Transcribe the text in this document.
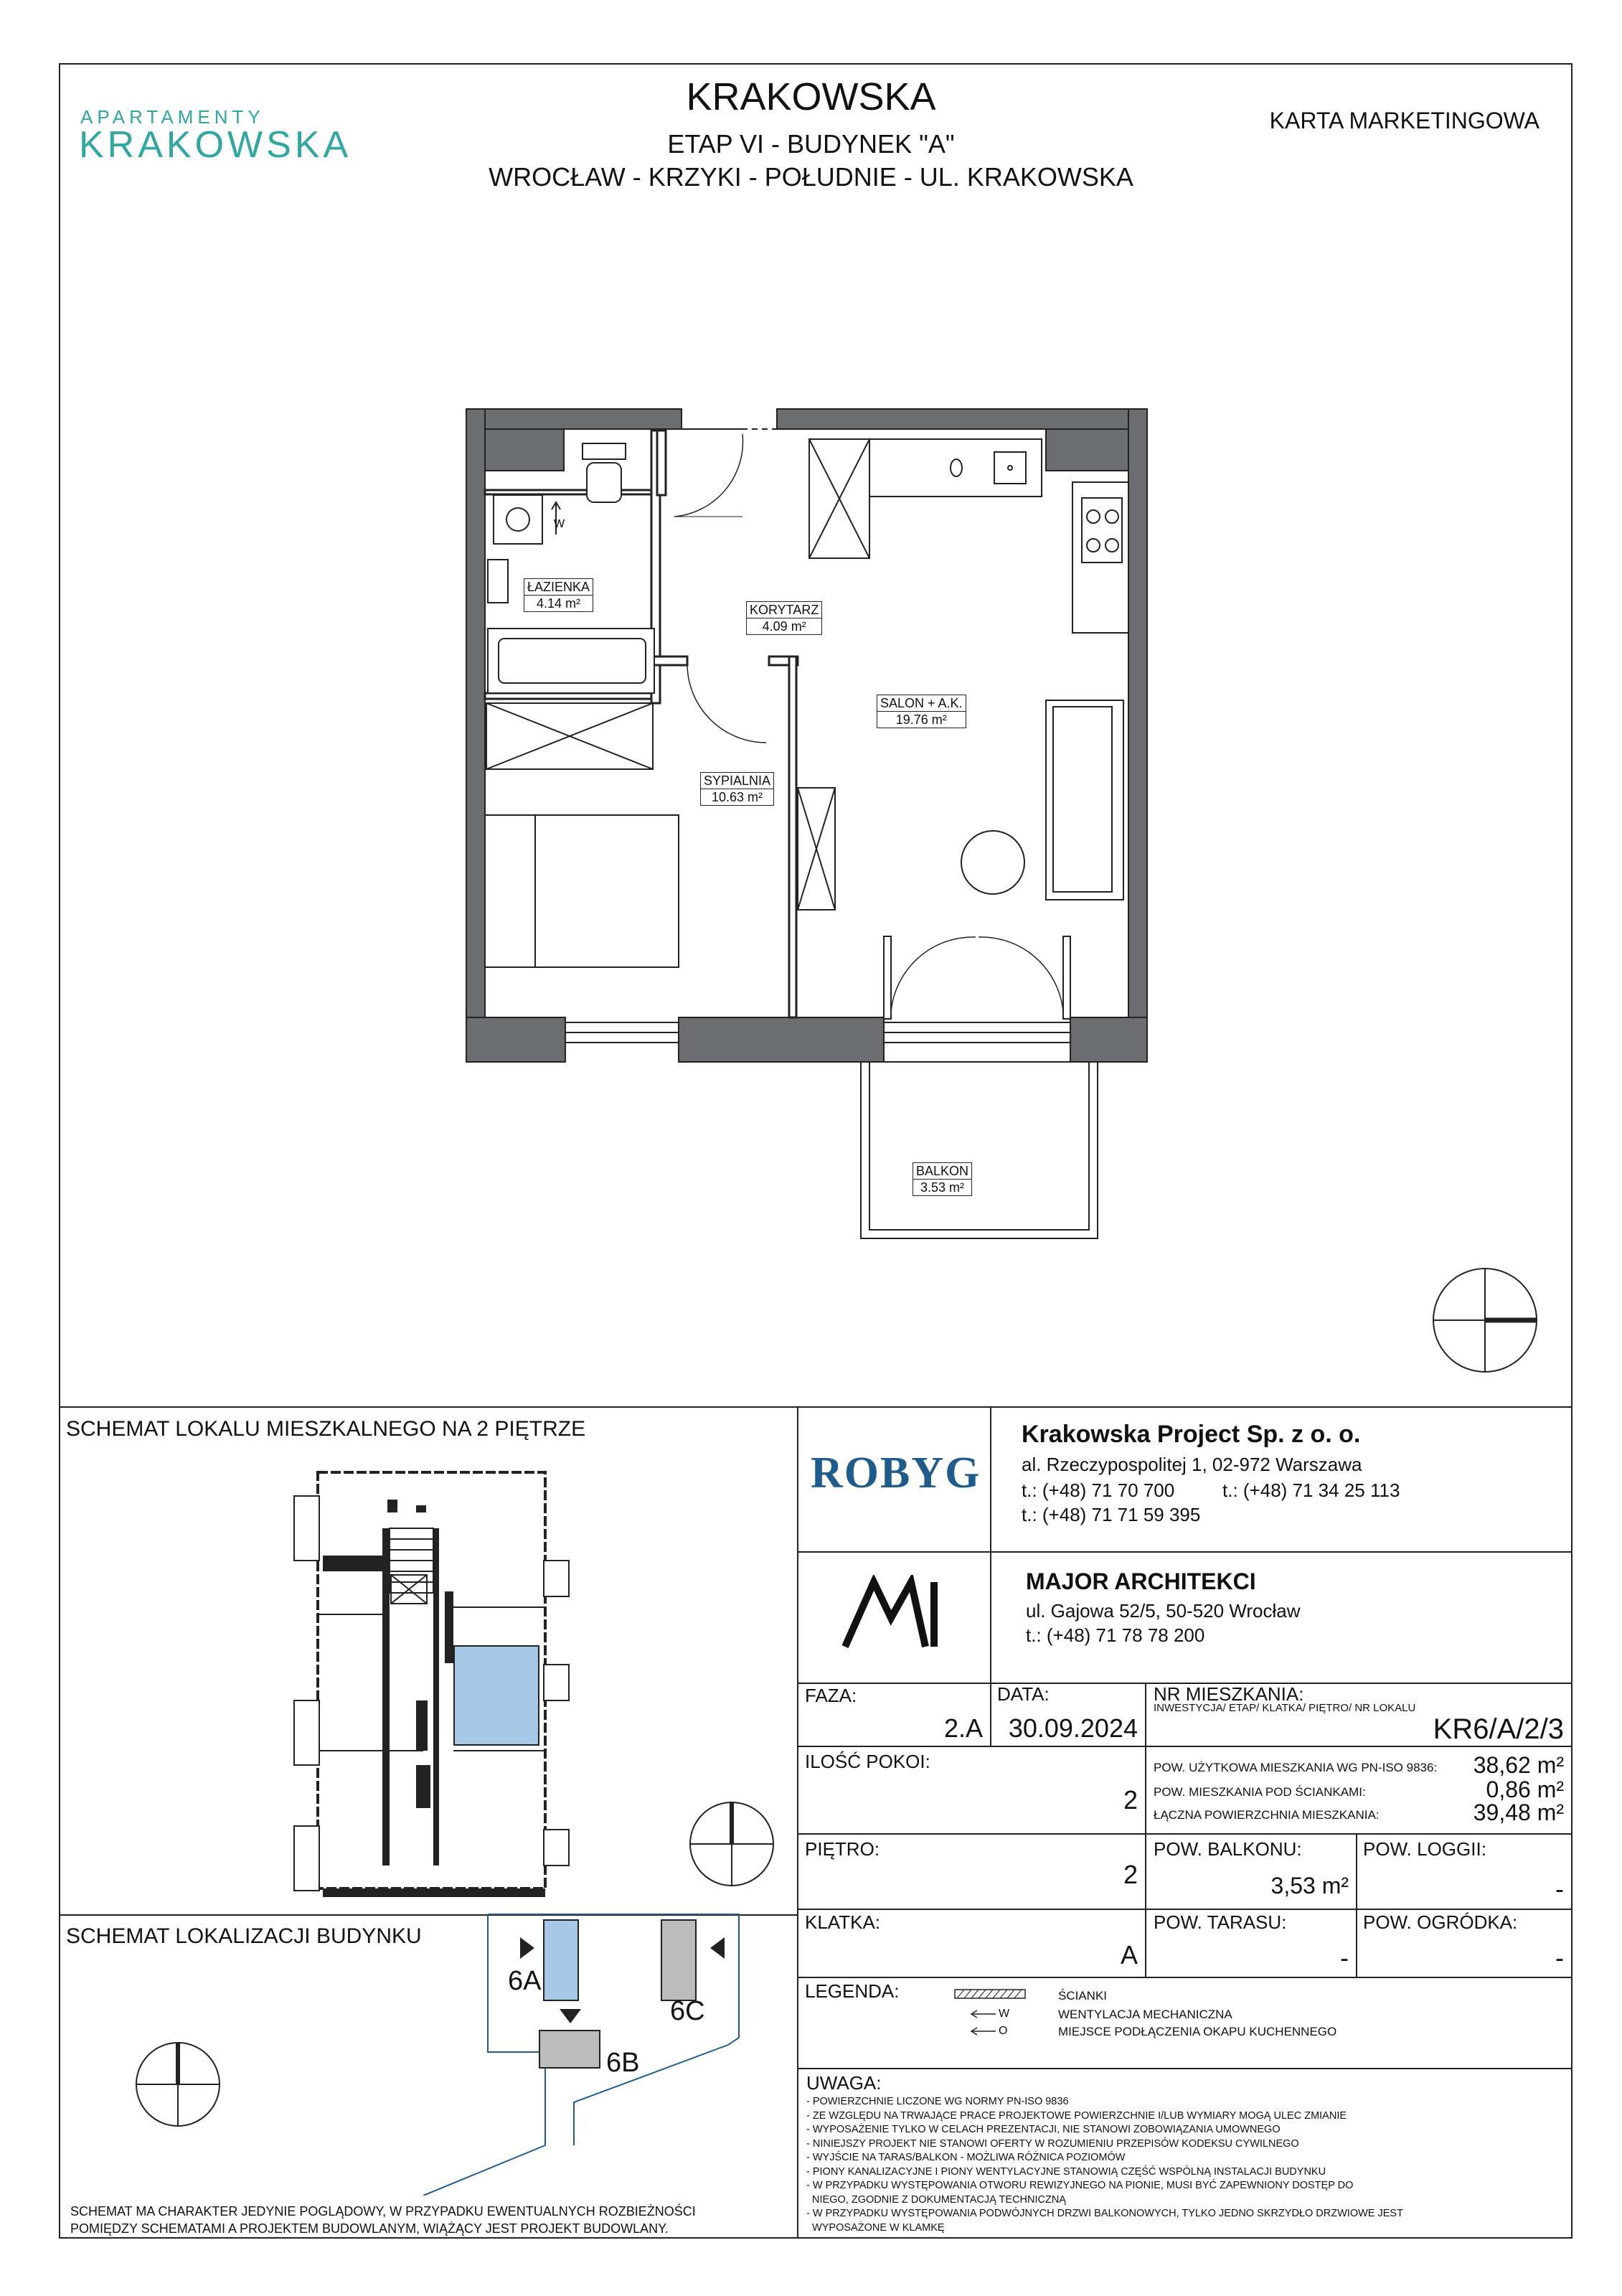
APARTAMENTY
KRAKOWSKA
KRAKOWSKA
ETAP VI - BUDYNEK "A"
WROCŁAW - KRZYKI - POŁUDNIE - UL. KRAKOWSKA
KARTA MARKETINGOWA
W
ŁAZIENKA
4.14 m²	KORYTARZ
4.09 m²
SALON + A.K.
19.76 m²
SYPIALNIA
10.63 m²
BALKON
3.53 m²
SCHEMAT LOKALU MIESZKALNEGO NA 2 PIĘTRZE
SCHEMAT LOKALIZACJI BUDYNKU
6A
6B
6C
SCHEMAT MA CHARAKTER JEDYNIE POGLĄDOWY, W PRZYPADKU EWENTUALNYCH ROZBIEŻNOŚCI
POMIĘDZY SCHEMATAMI A PROJEKTEM BUDOWLANYM, WIĄŻĄCY JEST PROJEKT BUDOWLANY.
ROBYG
Krakowska Project Sp. z o. o.
al. Rzeczypospolitej 1, 02-972 Warszawa
t.: (+48) 71 70 700	t.: (+48) 71 34 25 113
t.: (+48) 71 71 59 395
MAJOR ARCHITEKCI
ul. Gajowa 52/5, 50-520 Wrocław
t.: (+48) 71 78 78 200
FAZA:
2.A
DATA:
30.09.2024
NR MIESZKANIA:
INWESTYCJA/ ETAP/ KLATKA/ PIĘTRO/ NR LOKALU
KR6/A/2/3
ILOŚĆ POKOI:
2
POW. UŻYTKOWA MIESZKANIA WG PN-ISO 9836:	38,62 m²
POW. MIESZKANIA POD ŚCIANKAMI:	0,86 m²
ŁĄCZNA POWIERZCHNIA MIESZKANIA:	39,48 m²
PIĘTRO:
2
POW. BALKONU:
3,53 m²
POW. LOGGII:
-
KLATKA:
A
POW. TARASU:
-
POW. OGRÓDKA:
-
LEGENDA:
W
O
ŚCIANKI
WENTYLACJA MECHANICZNA
MIEJSCE PODŁĄCZENIA OKAPU KUCHENNEGO
UWAGA:
- POWIERZCHNIE LICZONE WG NORMY PN-ISO 9836
- ZE WZGLĘDU NA TRWAJĄCE PRACE PROJEKTOWE POWIERZCHNIE I/LUB WYMIARY MOGĄ ULEC ZMIANIE
- WYPOSAŻENIE TYLKO W CELACH PREZENTACJI, NIE STANOWI ZOBOWIĄZANIA UMOWNEGO
- NINIEJSZY PROJEKT NIE STANOWI OFERTY W ROZUMIENIU PRZEPISÓW KODEKSU CYWILNEGO
- WYJŚCIE NA TARAS/BALKON - MOŻLIWA RÓŻNICA POZIOMÓW
- PIONY KANALIZACYJNE I PIONY WENTYLACYJNE STANOWIĄ CZĘŚĆ WSPÓLNĄ INSTALACJI BUDYNKU
- W PRZYPADKU WYSTĘPOWANIA OTWORU REWIZYJNEGO NA PIONIE, MUSI BYĆ ZAPEWNIONY DOSTĘP DO
NIEGO, ZGODNIE Z DOKUMENTACJĄ TECHNICZNĄ
- W PRZYPADKU WYSTĘPOWANIA PODWÓJNYCH DRZWI BALKONOWYCH, TYLKO JEDNO SKRZYDŁO DRZWIOWE JEST
WYPOSAŻONE W KLAMKĘ
